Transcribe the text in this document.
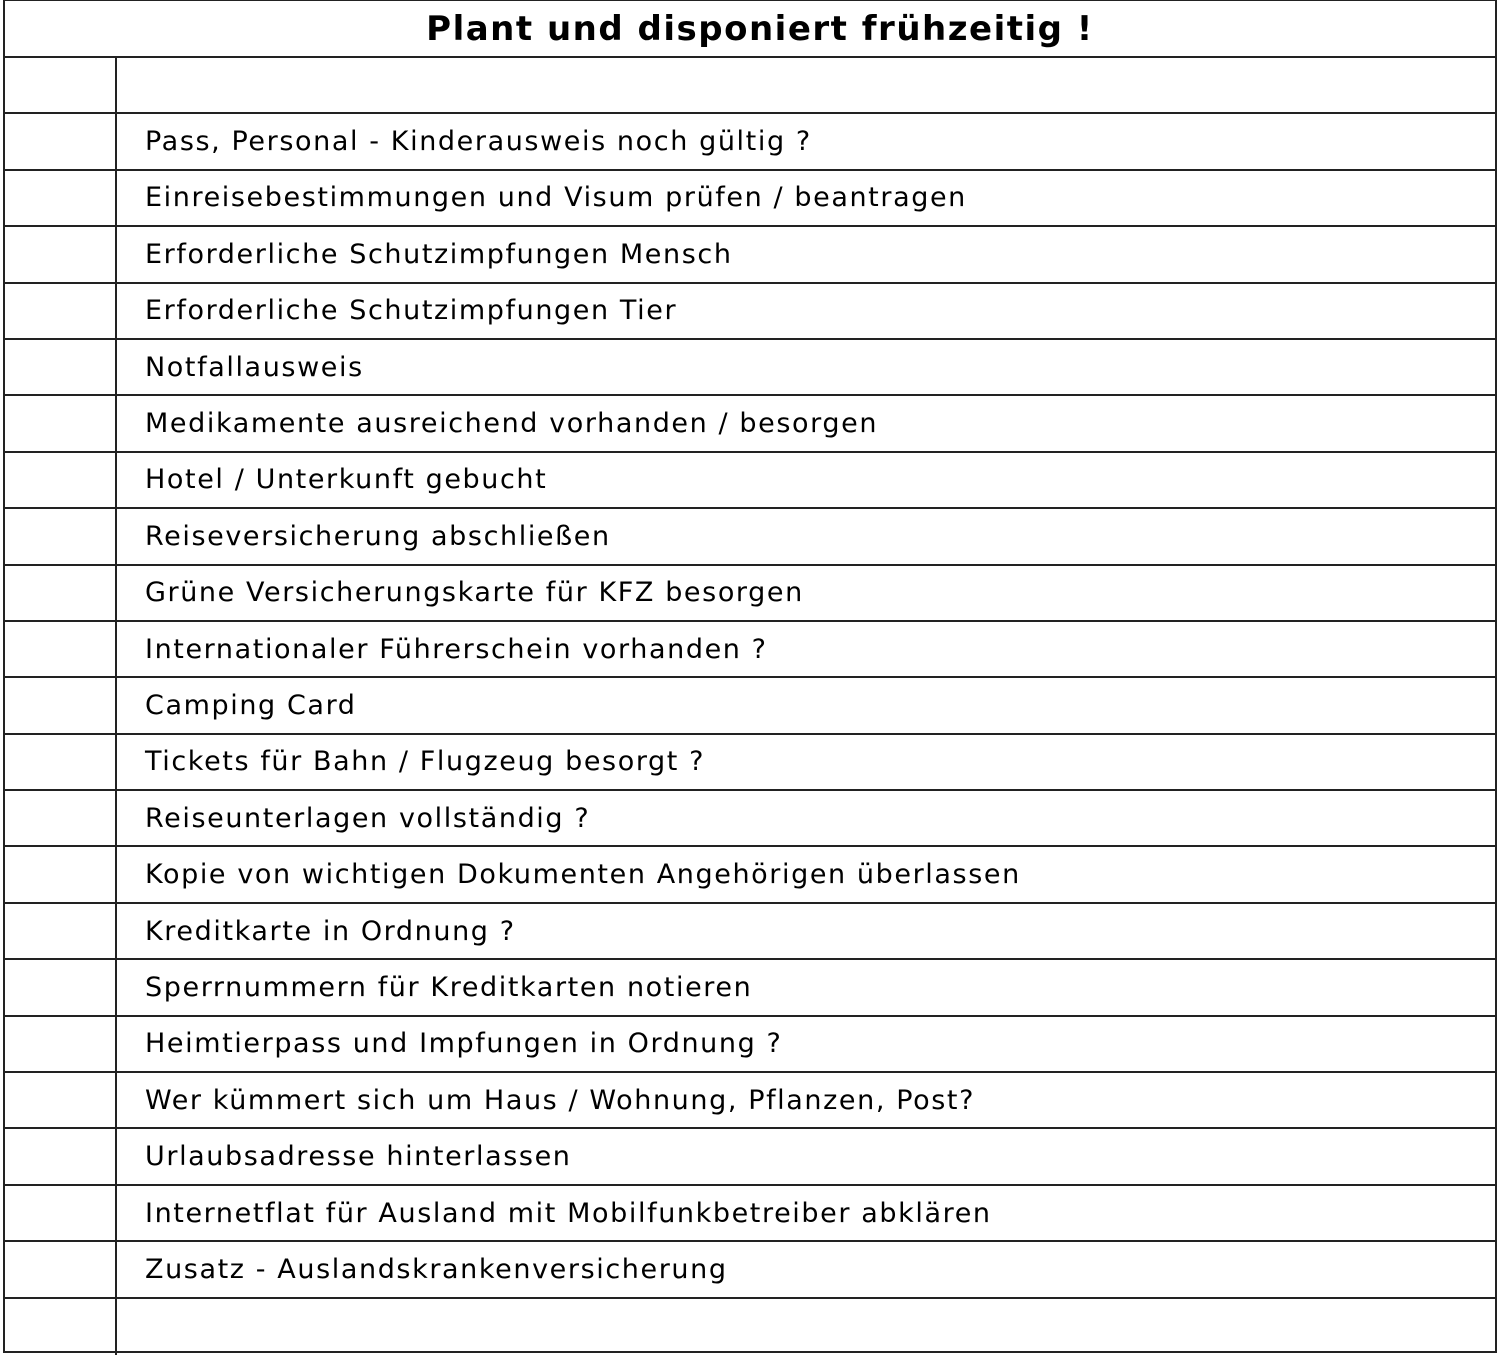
Plant und disponiert frühzeitig !
Pass, Personal - Kinderausweis noch gültig ?
Einreisebestimmungen und Visum prüfen / beantragen
Erforderliche Schutzimpfungen Mensch
Erforderliche Schutzimpfungen Tier
Notfallausweis
Medikamente ausreichend vorhanden / besorgen
Hotel / Unterkunft gebucht
Reiseversicherung abschließen
Grüne Versicherungskarte für KFZ besorgen
Internationaler Führerschein vorhanden ?
Camping Card
Tickets für Bahn / Flugzeug besorgt ?
Reiseunterlagen vollständig ?
Kopie von wichtigen Dokumenten Angehörigen überlassen
Kreditkarte in Ordnung ?
Sperrnummern für Kreditkarten notieren
Heimtierpass und Impfungen in Ordnung ?
Wer kümmert sich um Haus / Wohnung, Pflanzen, Post?
Urlaubsadresse hinterlassen
Internetflat für Ausland mit Mobilfunkbetreiber abklären
Zusatz - Auslandskrankenversicherung
